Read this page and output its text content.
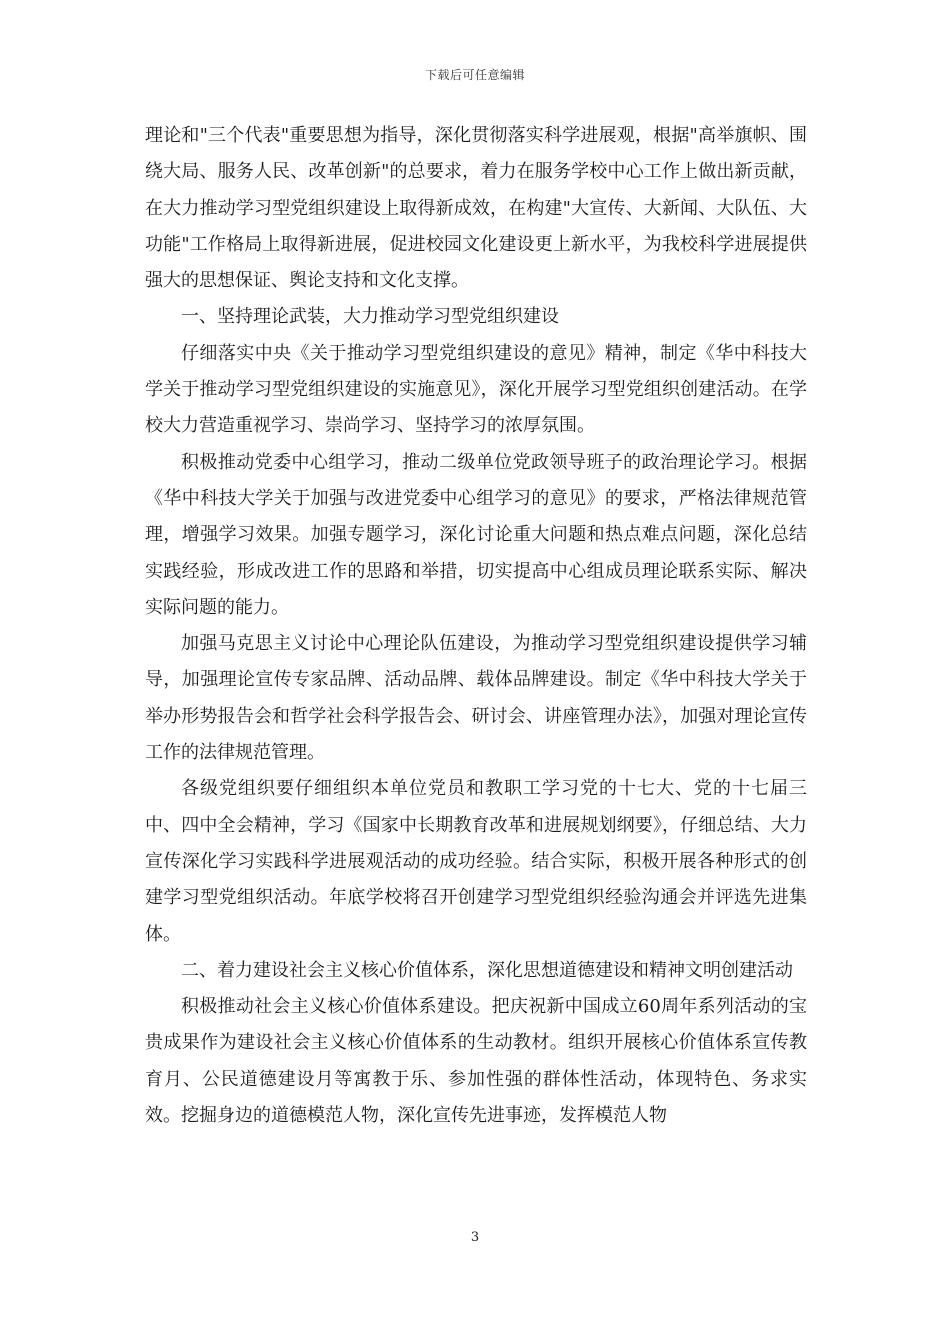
下载后可任意编辑

理论和"三个代表"重要思想为指导，深化贯彻落实科学进展观，根据"高举旗帜、围绕大局、服务人民、改革创新"的总要求，着力在服务学校中心工作上做出新贡献，在大力推动学习型党组织建设上取得新成效，在构建"大宣传、大新闻、大队伍、大功能"工作格局上取得新进展，促进校园文化建设更上新水平，为我校科学进展提供强大的思想保证、舆论支持和文化支撑。

一、坚持理论武装，大力推动学习型党组织建设

仔细落实中央《关于推动学习型党组织建设的意见》精神，制定《华中科技大学关于推动学习型党组织建设的实施意见》，深化开展学习型党组织创建活动。在学校大力营造重视学习、崇尚学习、坚持学习的浓厚氛围。

积极推动党委中心组学习，推动二级单位党政领导班子的政治理论学习。根据《华中科技大学关于加强与改进党委中心组学习的意见》的要求，严格法律规范管理，增强学习效果。加强专题学习，深化讨论重大问题和热点难点问题，深化总结实践经验，形成改进工作的思路和举措，切实提高中心组成员理论联系实际、解决实际问题的能力。

加强马克思主义讨论中心理论队伍建设，为推动学习型党组织建设提供学习辅导，加强理论宣传专家品牌、活动品牌、载体品牌建设。制定《华中科技大学关于举办形势报告会和哲学社会科学报告会、研讨会、讲座管理办法》，加强对理论宣传工作的法律规范管理。

各级党组织要仔细组织本单位党员和教职工学习党的十七大、党的十七届三中、四中全会精神，学习《国家中长期教育改革和进展规划纲要》，仔细总结、大力宣传深化学习实践科学进展观活动的成功经验。结合实际，积极开展各种形式的创建学习型党组织活动。年底学校将召开创建学习型党组织经验沟通会并评选先进集体。

二、着力建设社会主义核心价值体系，深化思想道德建设和精神文明创建活动

积极推动社会主义核心价值体系建设。把庆祝新中国成立60周年系列活动的宝贵成果作为建设社会主义核心价值体系的生动教材。组织开展核心价值体系宣传教育月、公民道德建设月等寓教于乐、参加性强的群体性活动，体现特色、务求实效。挖掘身边的道德模范人物，深化宣传先进事迹，发挥模范人物

3
